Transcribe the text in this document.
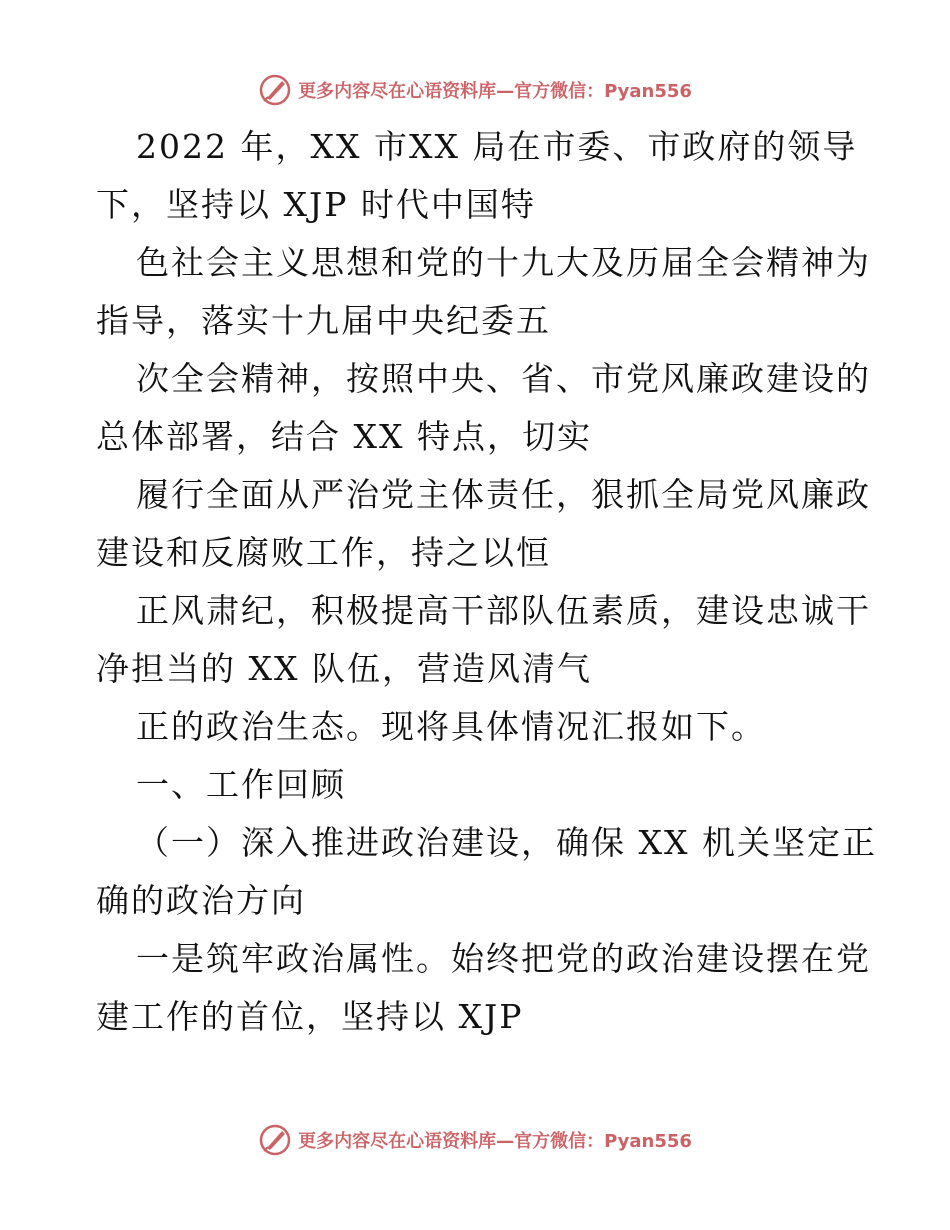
更多内容尽在心语资料库—官方微信：Pyan556
2022 年，XX 市XX 局在市委、市政府的领导
下，坚持以 XJP 时代中国特
色社会主义思想和党的十九大及历届全会精神为
指导，落实十九届中央纪委五
次全会精神，按照中央、省、市党风廉政建设的
总体部署，结合 XX 特点，切实
履行全面从严治党主体责任，狠抓全局党风廉政
建设和反腐败工作，持之以恒
正风肃纪，积极提高干部队伍素质，建设忠诚干
净担当的 XX 队伍，营造风清气
正的政治生态。现将具体情况汇报如下。
一、工作回顾
（一）深入推进政治建设，确保 XX 机关坚定正
确的政治方向
一是筑牢政治属性。始终把党的政治建设摆在党
建工作的首位，坚持以 XJP
更多内容尽在心语资料库—官方微信：Pyan556
